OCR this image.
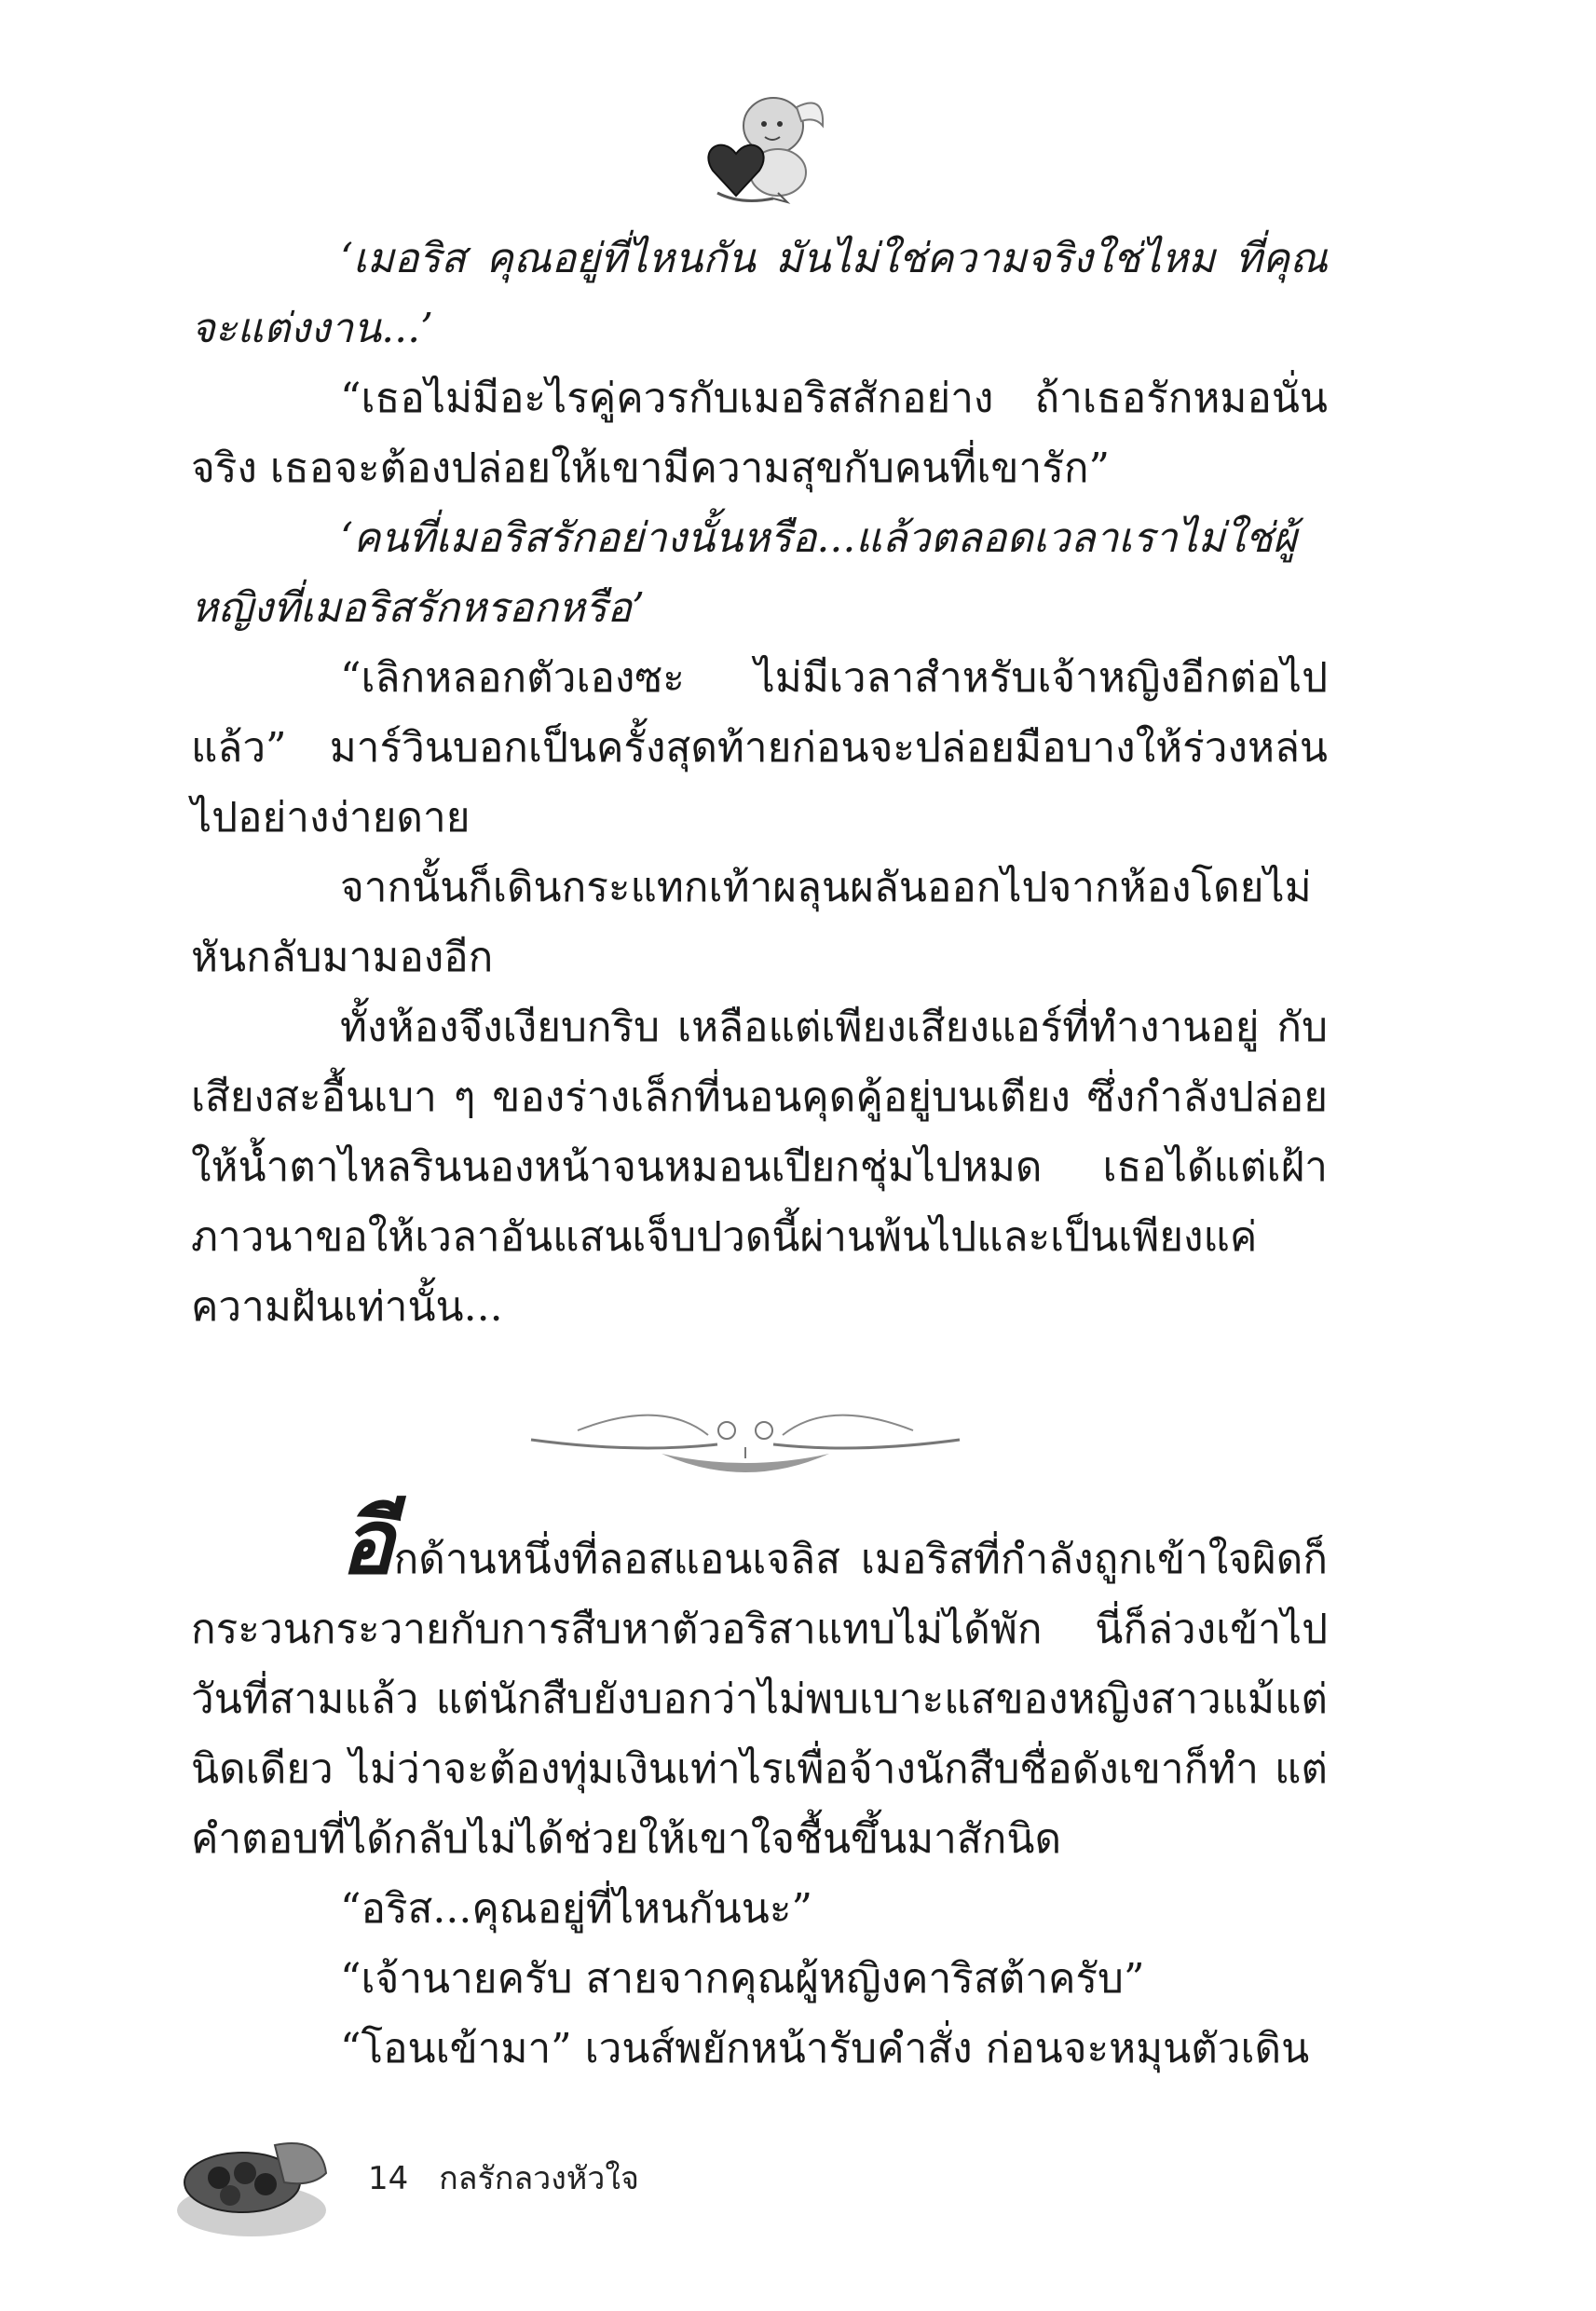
‘เมอริส คุณอยู่ที่ไหนกัน มันไม่ใช่ความจริงใช่ไหม ที่คุณจะแต่งงาน...’

“เธอไม่มีอะไรคู่ควรกับเมอริสสักอย่าง ถ้าเธอรักหมอนั่นจริง เธอจะต้องปล่อยให้เขามีความสุขกับคนที่เขารัก”

‘คนที่เมอริสรักอย่างนั้นหรือ...แล้วตลอดเวลาเราไม่ใช่ผู้หญิงที่เมอริสรักหรอกหรือ’

“เลิกหลอกตัวเองซะ ไม่มีเวลาสำหรับเจ้าหญิงอีกต่อไปแล้ว” มาร์วินบอกเป็นครั้งสุดท้ายก่อนจะปล่อยมือบางให้ร่วงหล่นไปอย่างง่ายดาย

จากนั้นก็เดินกระแทกเท้าผลุนผลันออกไปจากห้องโดยไม่หันกลับมามองอีก

ทั้งห้องจึงเงียบกริบ เหลือแต่เพียงเสียงแอร์ที่ทำงานอยู่ กับเสียงสะอื้นเบา ๆ ของร่างเล็กที่นอนคุดคู้อยู่บนเตียง ซึ่งกำลังปล่อยให้น้ำตาไหลรินนองหน้าจนหมอนเปียกชุ่มไปหมด เธอได้แต่เฝ้าภาวนาขอให้เวลาอันแสนเจ็บปวดนี้ผ่านพ้นไปและเป็นเพียงแค่ความฝันเท่านั้น...

อีกด้านหนึ่งที่ลอสแอนเจลิส เมอริสที่กำลังถูกเข้าใจผิดก็กระวนกระวายกับการสืบหาตัวอริสาแทบไม่ได้พัก นี่ก็ล่วงเข้าไปวันที่สามแล้ว แต่นักสืบยังบอกว่าไม่พบเบาะแสของหญิงสาวแม้แต่นิดเดียว ไม่ว่าจะต้องทุ่มเงินเท่าไรเพื่อจ้างนักสืบชื่อดังเขาก็ทำ แต่คำตอบที่ได้กลับไม่ได้ช่วยให้เขาใจชื้นขึ้นมาสักนิด

“อริส...คุณอยู่ที่ไหนกันนะ”

“เจ้านายครับ สายจากคุณผู้หญิงคาริสต้าครับ”

“โอนเข้ามา” เวนส์พยักหน้ารับคำสั่ง ก่อนจะหมุนตัวเดิน

14 กลรักลวงหัวใจ
